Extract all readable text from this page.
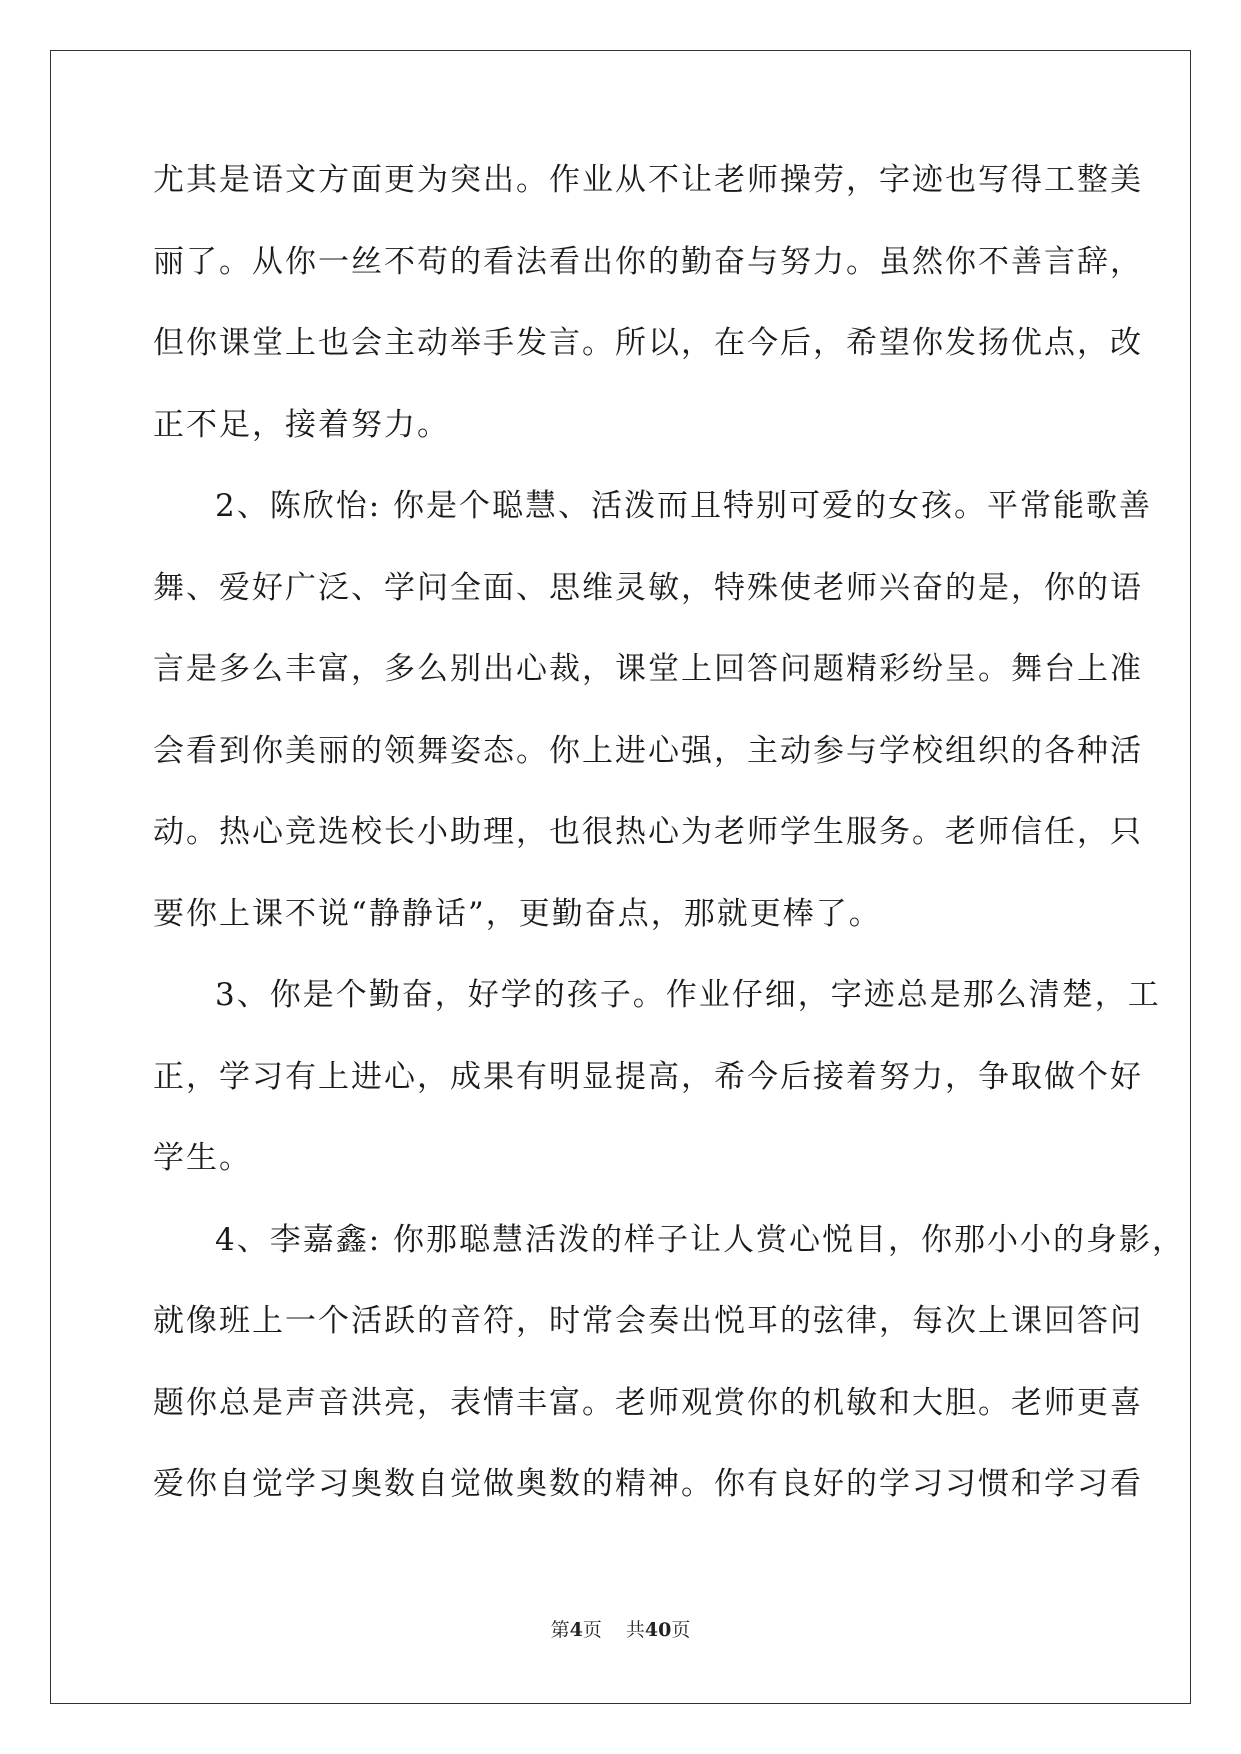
尤其是语文方面更为突出。作业从不让老师操劳，字迹也写得工整美
丽了。从你一丝不苟的看法看出你的勤奋与努力。虽然你不善言辞，
但你课堂上也会主动举手发言。所以，在今后，希望你发扬优点，改
正不足，接着努力。
2、陈欣怡: 你是个聪慧、活泼而且特别可爱的女孩。平常能歌善
舞、爱好广泛、学问全面、思维灵敏，特殊使老师兴奋的是，你的语
言是多么丰富，多么别出心裁，课堂上回答问题精彩纷呈。舞台上准
会看到你美丽的领舞姿态。你上进心强，主动参与学校组织的各种活
动。热心竞选校长小助理，也很热心为老师学生服务。老师信任，只
要你上课不说“静静话”，更勤奋点，那就更棒了。
3、你是个勤奋，好学的孩子。作业仔细，字迹总是那么清楚，工
正，学习有上进心，成果有明显提高，希今后接着努力，争取做个好
学生。
4、李嘉鑫: 你那聪慧活泼的样子让人赏心悦目，你那小小的身影，
就像班上一个活跃的音符，时常会奏出悦耳的弦律，每次上课回答问
题你总是声音洪亮，表情丰富。老师观赏你的机敏和大胆。老师更喜
爱你自觉学习奥数自觉做奥数的精神。你有良好的学习习惯和学习看
第4页 共40页
